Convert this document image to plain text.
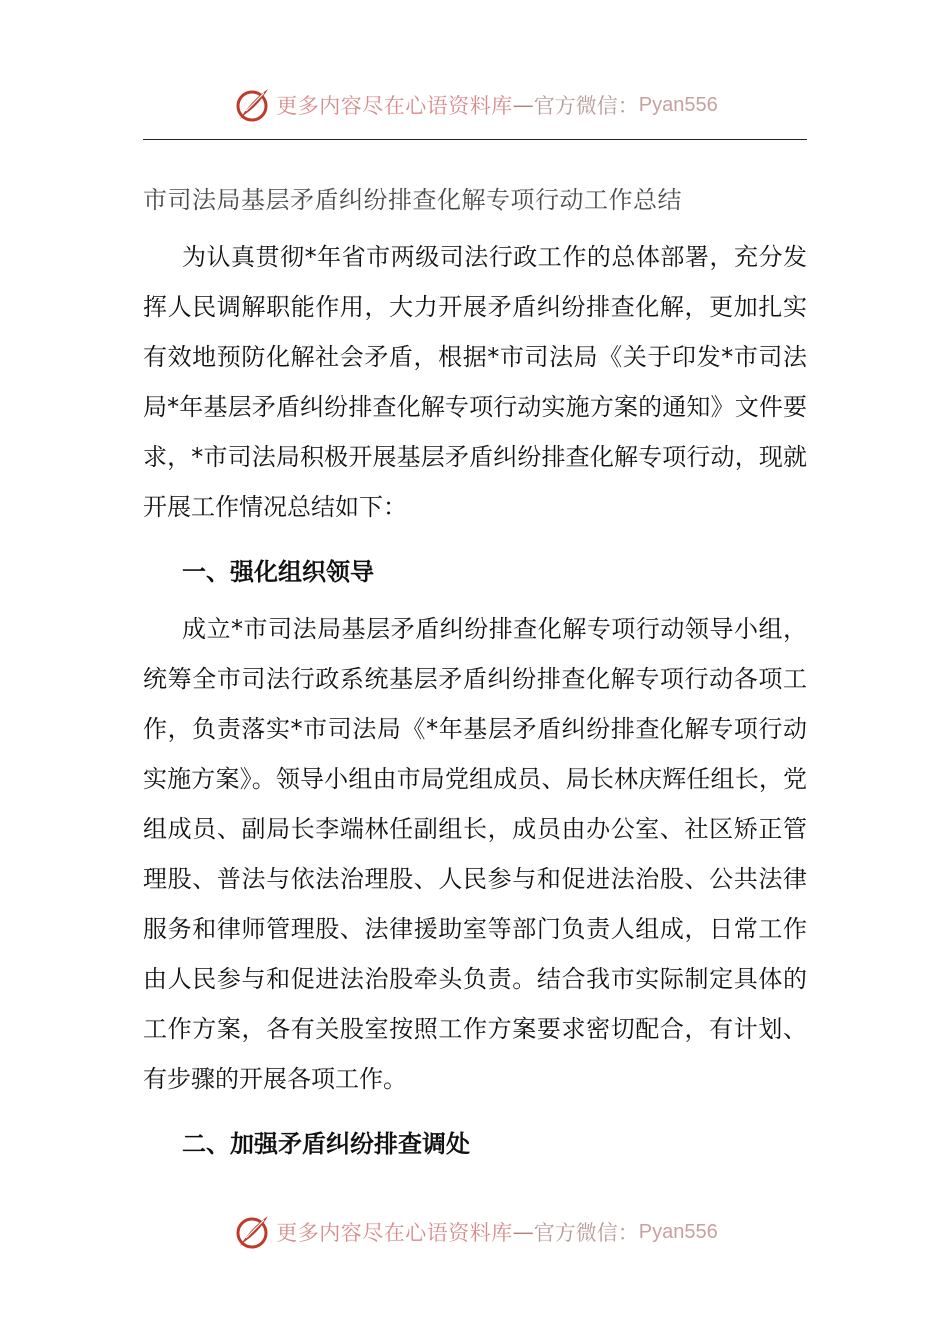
更多内容尽在心语资料库 — 官方微信： Pyan556
市司法局基层矛盾纠纷排查化解专项行动工作总结

为认真贯彻*年省市两级司法行政工作的总体部署，充分发挥人民调解职能作用，大力开展矛盾纠纷排查化解，更加扎实有效地预防化解社会矛盾，根据*市司法局《关于印发*市司法局*年基层矛盾纠纷排查化解专项行动实施方案的通知》文件要求，*市司法局积极开展基层矛盾纠纷排查化解专项行动，现就开展工作情况总结如下：

一、强化组织领导

成立*市司法局基层矛盾纠纷排查化解专项行动领导小组，统筹全市司法行政系统基层矛盾纠纷排查化解专项行动各项工作，负责落实*市司法局《*年基层矛盾纠纷排查化解专项行动实施方案》。领导小组由市局党组成员、局长林庆辉任组长，党组成员、副局长李端林任副组长，成员由办公室、社区矫正管理股、普法与依法治理股、人民参与和促进法治股、公共法律服务和律师管理股、法律援助室等部门负责人组成，日常工作由人民参与和促进法治股牵头负责。结合我市实际制定具体的工作方案，各有关股室按照工作方案要求密切配合，有计划、有步骤的开展各项工作。

二、加强矛盾纠纷排查调处
更多内容尽在心语资料库 — 官方微信： Pyan556
